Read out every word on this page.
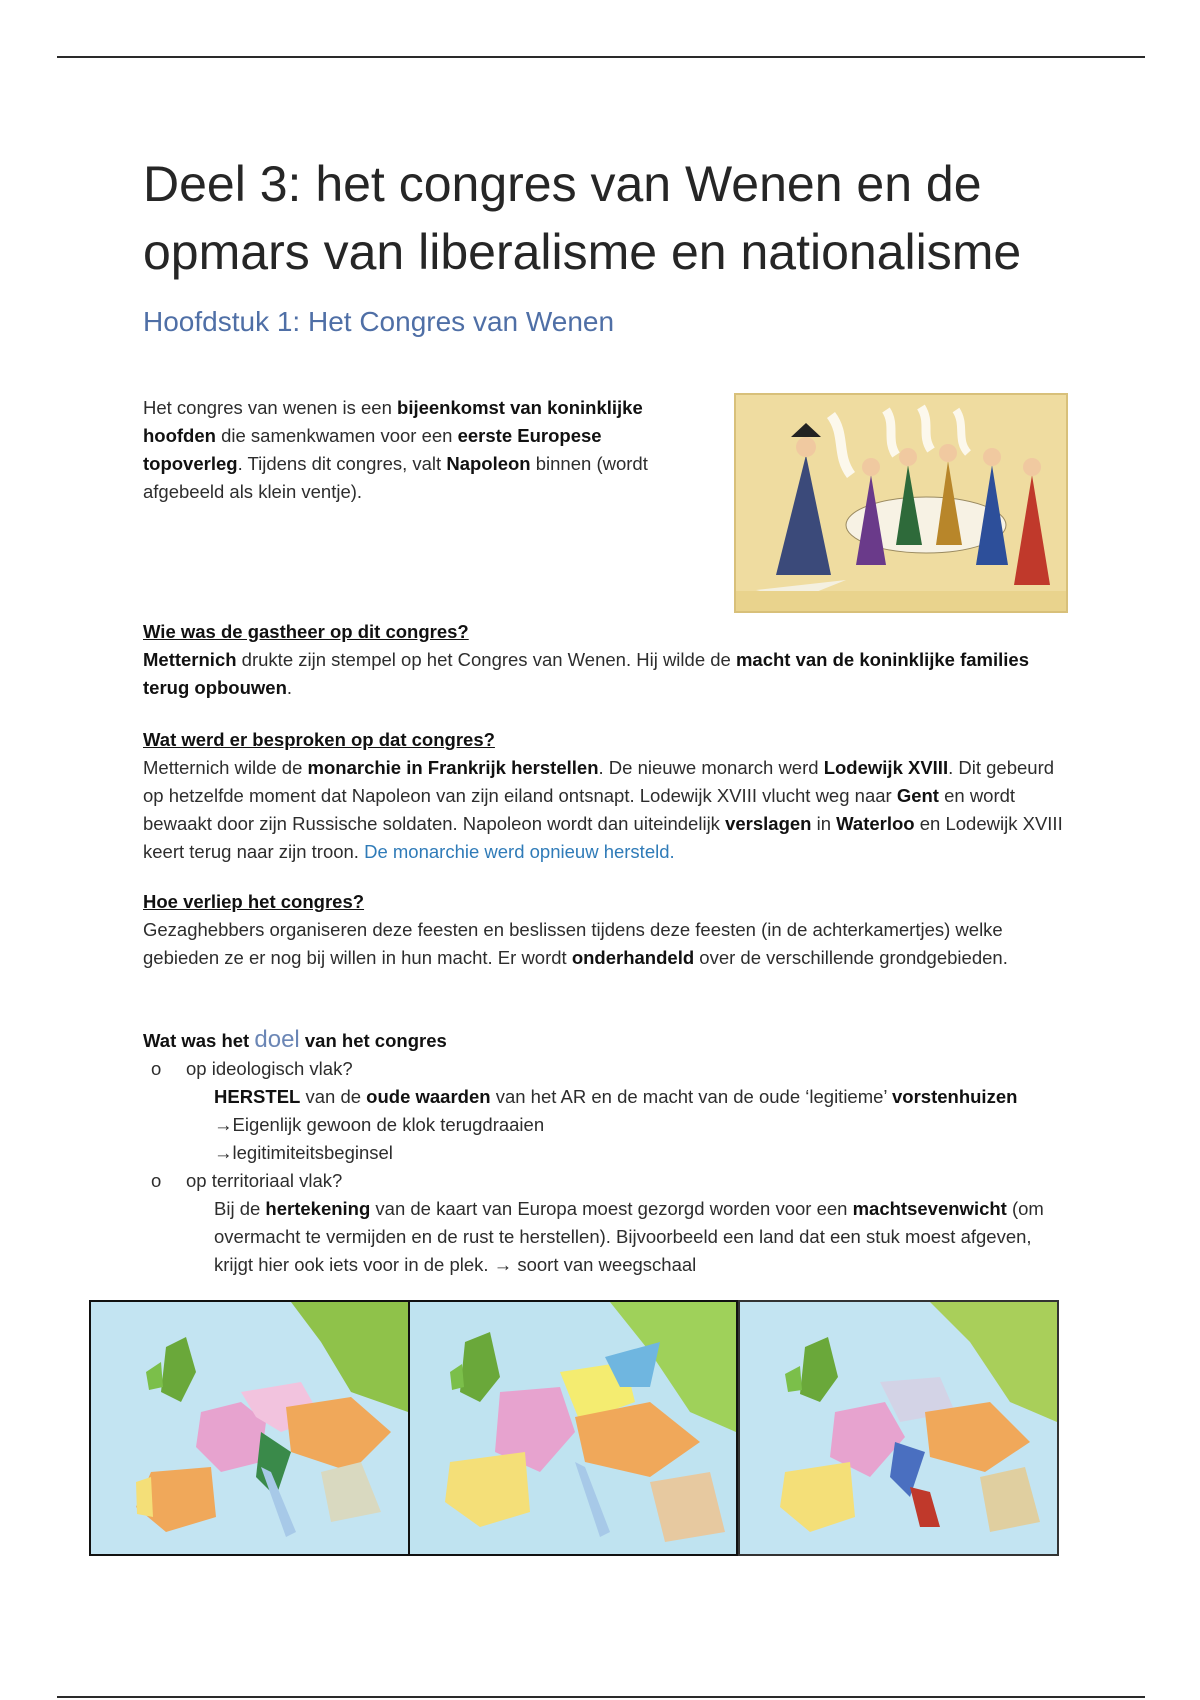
Deel 3: het congres van Wenen en de opmars van liberalisme en nationalisme
Hoofdstuk 1: Het Congres van Wenen
Het congres van wenen is een bijeenkomst van koninklijke hoofden die samenkwamen voor een eerste Europese topoverleg. Tijdens dit congres, valt Napoleon binnen (wordt afgebeeld als klein ventje).
Wie was de gastheer op dit congres?
Metternich drukte zijn stempel op het Congres van Wenen. Hij wilde de macht van de koninklijke families terug opbouwen.
Wat werd er besproken op dat congres?
Metternich wilde de monarchie in Frankrijk herstellen. De nieuwe monarch werd Lodewijk XVIII. Dit gebeurd op hetzelfde moment dat Napoleon van zijn eiland ontsnapt. Lodewijk XVIII vlucht weg naar Gent en wordt bewaakt door zijn Russische soldaten. Napoleon wordt dan uiteindelijk verslagen in Waterloo en Lodewijk XVIII keert terug naar zijn troon. De monarchie werd opnieuw hersteld.
Hoe verliep het congres?
Gezaghebbers organiseren deze feesten en beslissen tijdens deze feesten (in de achterkamertjes) welke gebieden ze er nog bij willen in hun macht. Er wordt onderhandeld over de verschillende grondgebieden.
Wat was het doel van het congres
o op ideologisch vlak?
HERSTEL van de oude waarden van het AR en de macht van de oude ‘legitieme’ vorstenhuizen
→Eigenlijk gewoon de klok terugdraaien
→legitimiteitsbeginsel
o op territoriaal vlak?
Bij de hertekening van de kaart van Europa moest gezorgd worden voor een machtsevenwicht (om overmacht te vermijden en de rust te herstellen). Bijvoorbeeld een land dat een stuk moest afgeven, krijgt hier ook iets voor in de plek. → soort van weegschaal
